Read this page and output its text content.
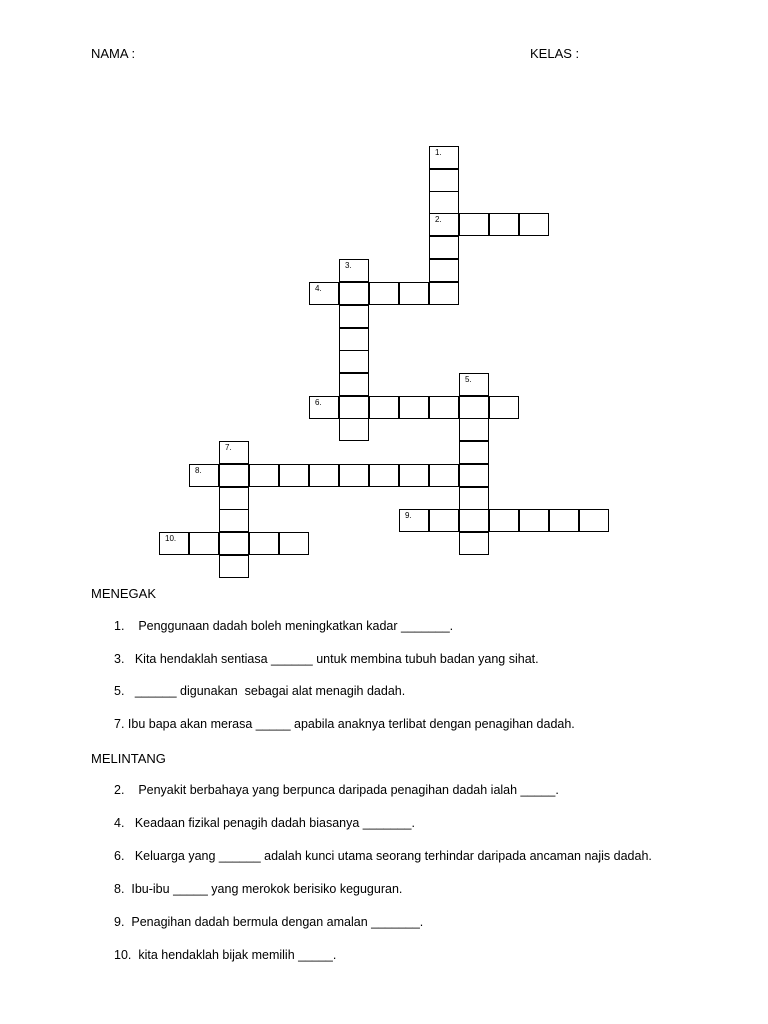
NAMA :	KELAS :
1.
2.
3.
4.
5.
6.
7.
8.
9.
10.
MENEGAK
1.    Penggunaan dadah boleh meningkatkan kadar _______.
3.   Kita hendaklah sentiasa ______ untuk membina tubuh badan yang sihat.
5.   ______ digunakan  sebagai alat menagih dadah.
7. Ibu bapa akan merasa _____ apabila anaknya terlibat dengan penagihan dadah.
MELINTANG
2.    Penyakit berbahaya yang berpunca daripada penagihan dadah ialah _____.
4.   Keadaan fizikal penagih dadah biasanya _______.
6.   Keluarga yang ______ adalah kunci utama seorang terhindar daripada ancaman najis dadah.
8.  Ibu-ibu _____ yang merokok berisiko keguguran.
9.  Penagihan dadah bermula dengan amalan _______.
10.  kita hendaklah bijak memilih _____.
